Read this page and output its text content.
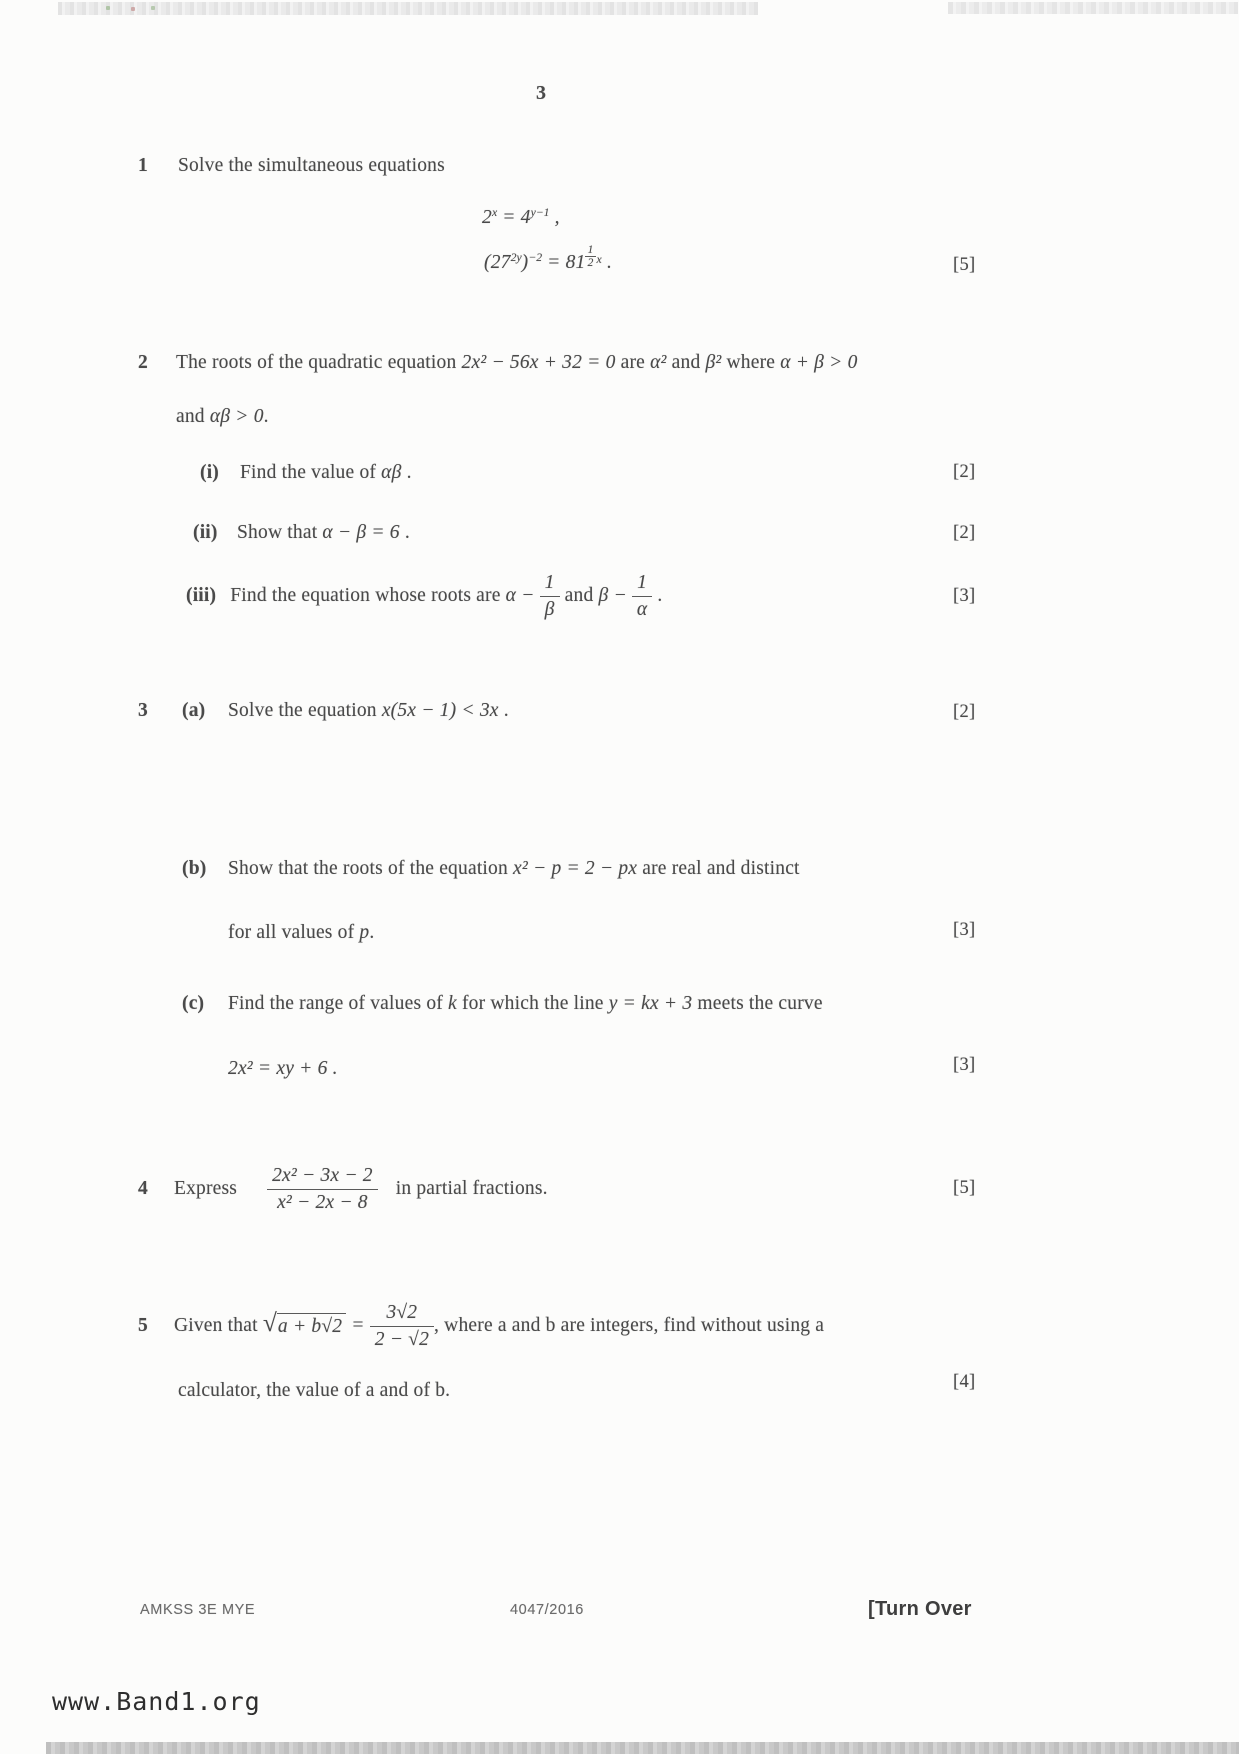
3
1 Solve the simultaneous equations
$2^x = 4^{y-1}$ ,
$(27^{2y})^{-2} = 81 \frac{1}{2}$ x .	[5]
2 The roots of the quadratic equation 2x² − 56x + 32 = 0 are α² and β² where α + β > 0
and αβ > 0.
(i) Find the value of αβ .	[2]
(ii) Show that α − β = 6 .	[2]
(iii) Find the equation whose roots are $\alpha - \frac{1}{\beta}$ and $\beta - \frac{1}{\alpha}$ .	[3]
3 (a) Solve the equation x(5x − 1) < 3x .	[2]
(b) Show that the roots of the equation x² − p = 2 − px are real and distinct
for all values of p.	[3]
(c) Find the range of values of k for which the line y = kx + 3 meets the curve
2x² = xy + 6 .	[3]
4 Express $\frac{\text{2x² − 3x − 2}}{\text{x² − 2x − 8}}$ in partial fractions.	[5]
5 Given that √ $a + b√2 = \frac{3√2}{2 - √2}$ , where a and b are integers, find without using a
calculator, the value of a and of b.	[4]
AMKSS 3E MYE	4047/2016	[Turn Over
www.Band1.org
